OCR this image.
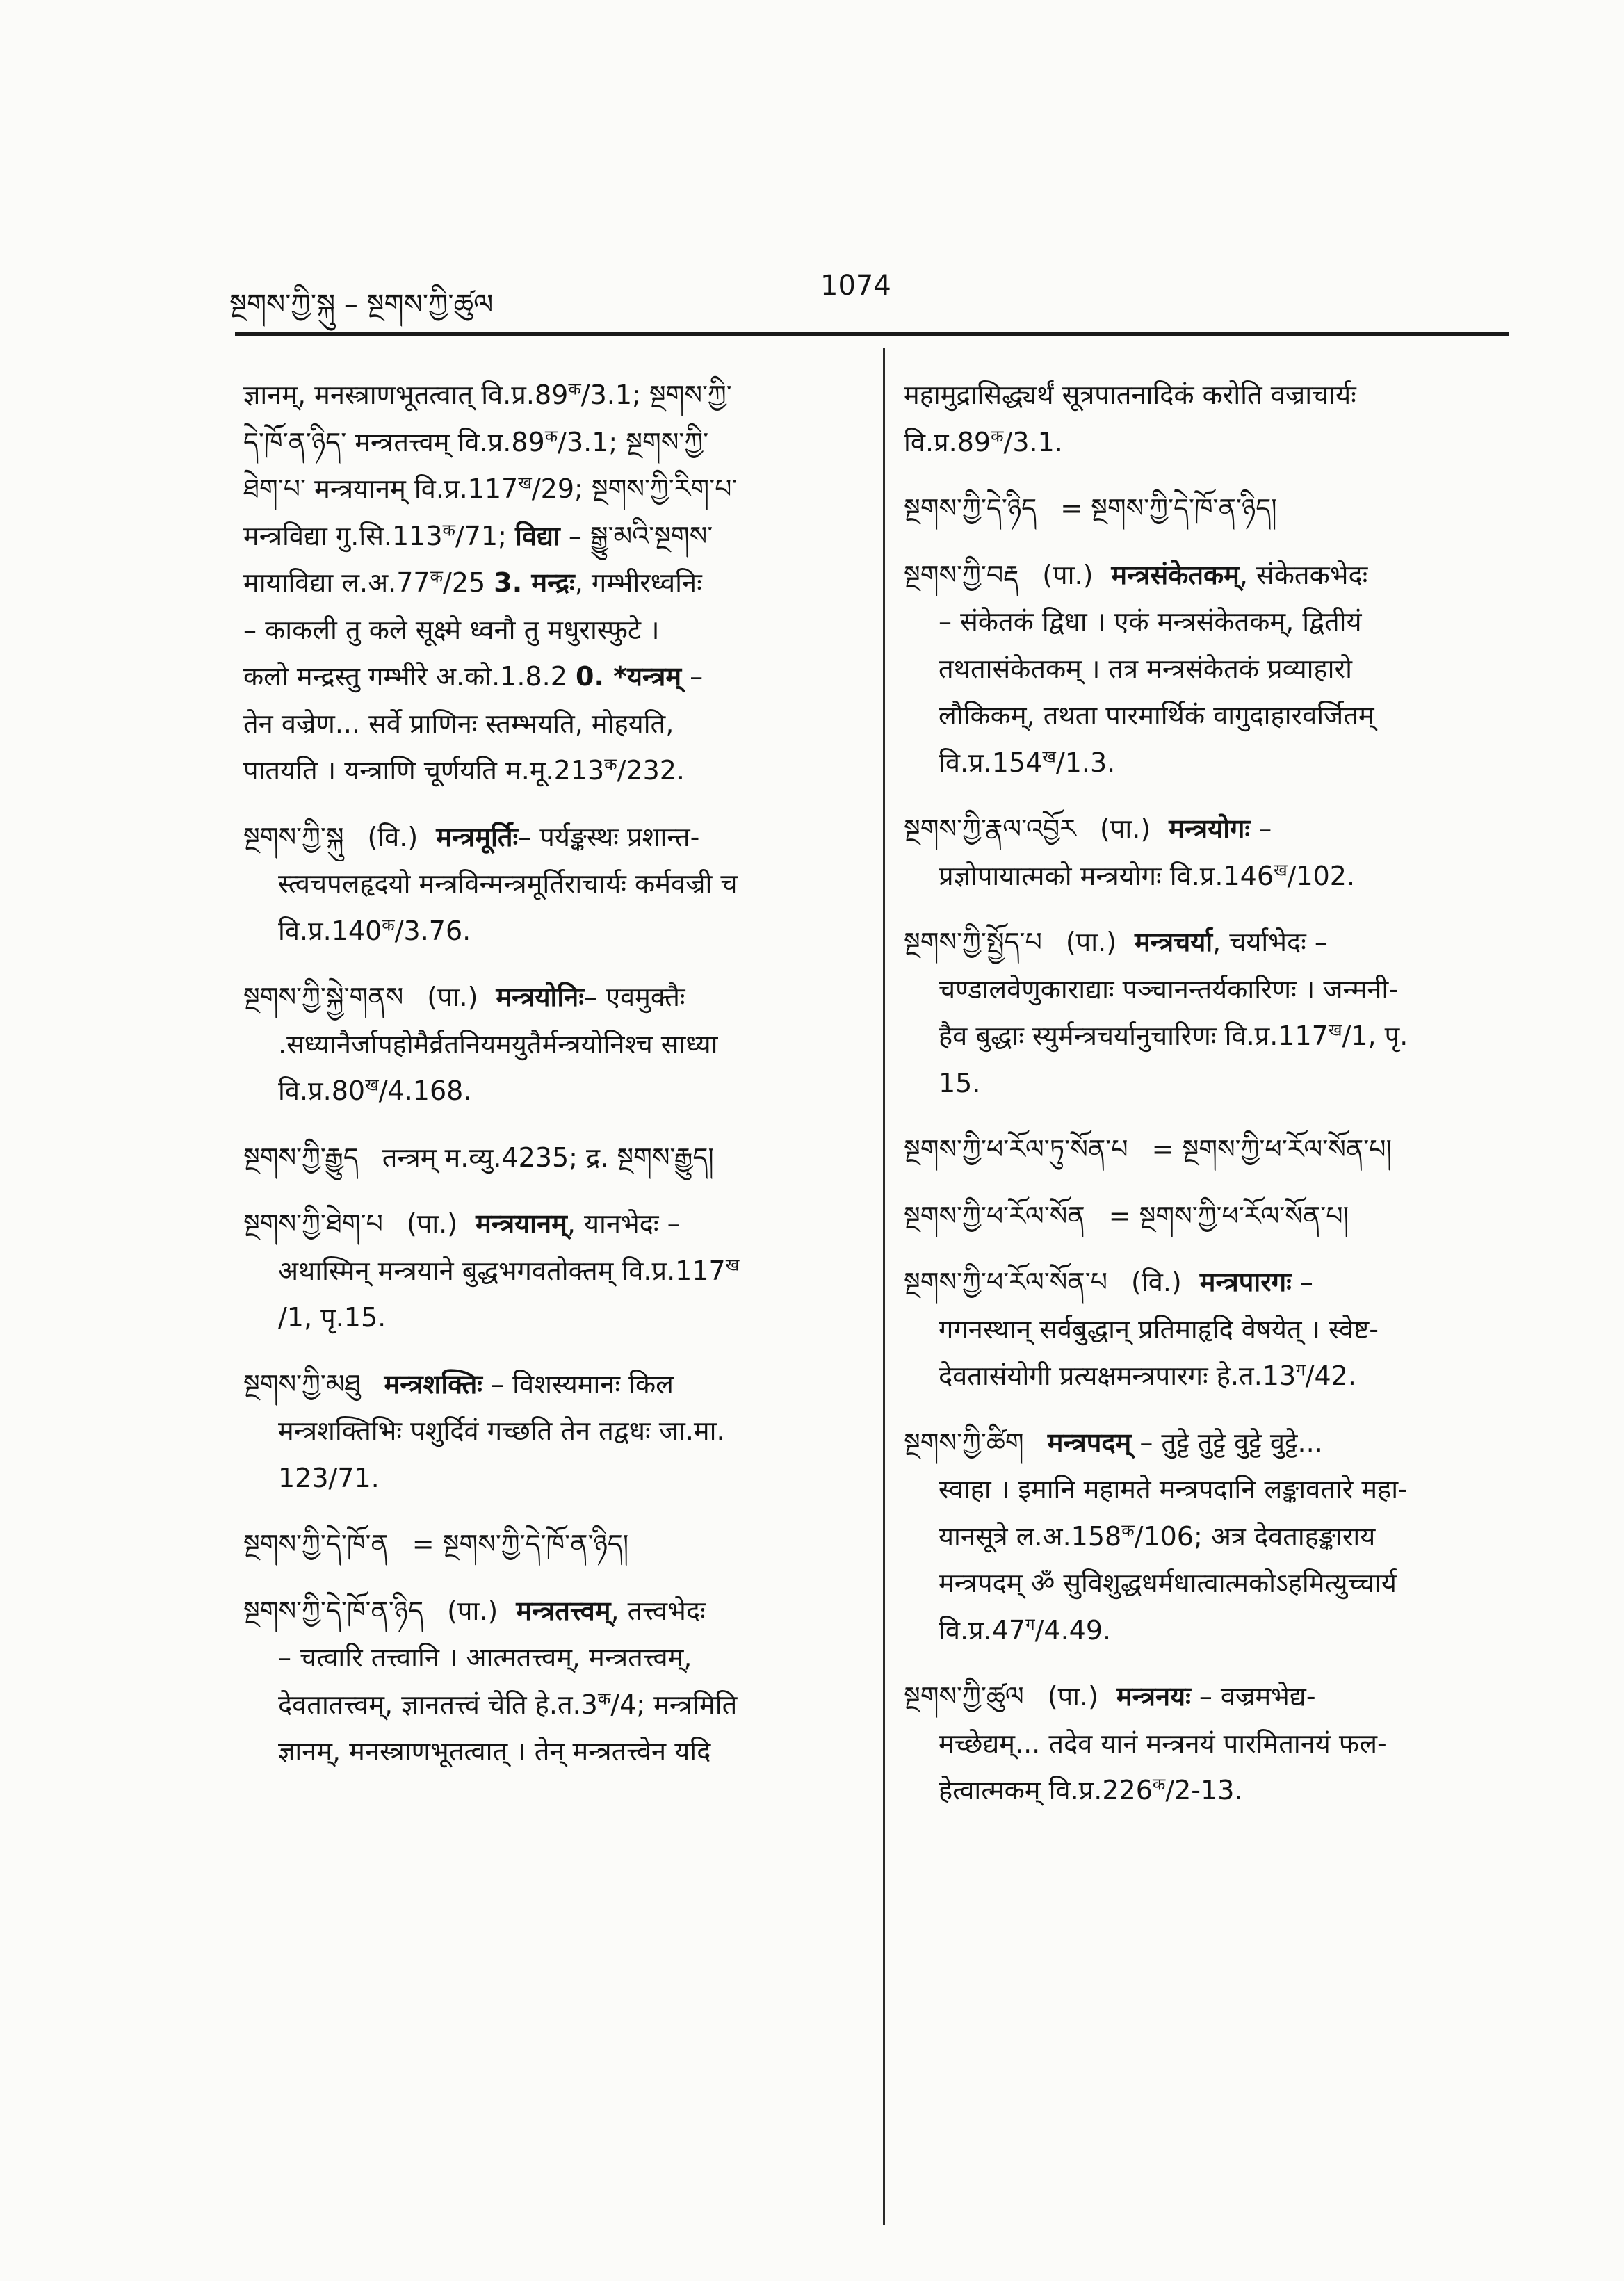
སྔགས་ཀྱི་སྐུ – སྔགས་ཀྱི་ཚུལ
1074
ज्ञानम्, मनस्त्राणभूतत्वात् $वि.प्र.89^क/3.1$; སྔགས་ཀྱི་
དེ་ཁོ་ན་ཉིད་ मन्त्रतत्त्वम् $वि.प्र.89^क/3.1$; སྔགས་ཀྱི་
ཐེག་པ་ मन्त्रयानम् $वि.प्र.117^ख/29$; སྔགས་ཀྱི་རིག་པ་
मन्त्रविद्या $गु.सि.113^क/71$; विद्या – སྒྱུ་མའི་སྔགས་
मायाविद्या $ल.अ.77^क/25$ 3. मन्द्रः, गम्भीरध्वनिः
– काकली तु कले सूक्ष्मे ध्वनौ तु मधुरास्फुटे ।
कलो मन्द्रस्तु गम्भीरे अ.को.1.8.2 0. *यन्त्रम् –
तेन वज्रेण... सर्वे प्राणिनः स्तम्भयति, मोहयति,
पातयति । यन्त्राणि चूर्णयति $म.मू.213^क/232$.
སྔགས་ཀྱི་སྐུ (वि.) मन्त्रमूर्तिः– पर्यङ्कस्थः प्रशान्त-
स्त्वचपलहृदयो मन्त्रविन्मन्त्रमूर्तिराचार्यः कर्मवज्री च
$वि.प्र.140^क/3.76$.
སྔགས་ཀྱི་སྐྱེ་གནས (पा.) मन्त्रयोनिः– एवमुक्तैः
.सध्यानैर्जापहोमैर्व्रतनियमयुतैर्मन्त्रयोनिश्च साध्या
$वि.प्र.80^ख/4.168$.
སྔགས་ཀྱི་རྒྱུད तन्त्रम् म.व्यु.4235; द्र. སྔགས་རྒྱུད།
སྔགས་ཀྱི་ཐེག་པ (पा.) मन्त्रयानम्, यानभेदः –
अथास्मिन् मन्त्रयाने बुद्धभगवतोक्तम् $वि.प्र.117^ख$
/1, पृ.15.
སྔགས་ཀྱི་མཐུ मन्त्रशक्तिः – विशस्यमानः किल
मन्त्रशक्तिभिः पशुर्दिवं गच्छति तेन तद्वधः जा.मा.
123/71.
སྔགས་ཀྱི་དེ་ཁོ་ན = སྔགས་ཀྱི་དེ་ཁོ་ན་ཉིད།
སྔགས་ཀྱི་དེ་ཁོ་ན་ཉིད (पा.) मन्त्रतत्त्वम्, तत्त्वभेदः
– चत्वारि तत्त्वानि । आत्मतत्त्वम्, मन्त्रतत्त्वम्,
देवतातत्त्वम्, ज्ञानतत्त्वं चेति $हे.त.3^क/4$; मन्त्रमिति
ज्ञानम्, मनस्त्राणभूतत्वात् । तेन् मन्त्रतत्त्वेन यदि
महामुद्रासिद्ध्यर्थं सूत्रपातनादिकं करोति वज्राचार्यः
$वि.प्र.89^क/3.1$.
སྔགས་ཀྱི་དེ་ཉིད = སྔགས་ཀྱི་དེ་ཁོ་ན་ཉིད།
སྔགས་ཀྱི་བརྡ (पा.) मन्त्रसंकेतकम्, संकेतकभेदः
– संकेतकं द्विधा । एकं मन्त्रसंकेतकम्, द्वितीयं
तथतासंकेतकम् । तत्र मन्त्रसंकेतकं प्रव्याहारो
लौकिकम्, तथता पारमार्थिकं वागुदाहारवर्जितम्
$वि.प्र.154^ख/1.3$.
སྔགས་ཀྱི་རྣལ་འབྱོར (पा.) मन्त्रयोगः –
प्रज्ञोपायात्मको मन्त्रयोगः $वि.प्र.146^ख/102$.
སྔགས་ཀྱི་སྤྱོད་པ (पा.) मन्त्रचर्या, चर्याभेदः –
चण्डालवेणुकाराद्याः पञ्चानन्तर्यकारिणः । जन्मनी-
हैव बुद्धाः स्युर्मन्त्रचर्यानुचारिणः $वि.प्र.117^ख/1$, पृ.
15.
སྔགས་ཀྱི་ཕ་རོལ་ཏུ་སོན་པ = སྔགས་ཀྱི་ཕ་རོལ་སོན་པ།
སྔགས་ཀྱི་ཕ་རོལ་སོན = སྔགས་ཀྱི་ཕ་རོལ་སོན་པ།
སྔགས་ཀྱི་ཕ་རོལ་སོན་པ (वि.) मन्त्रपारगः –
गगनस्थान् सर्वबुद्धान् प्रतिमाहृदि वेषयेत् । स्वेष्ट-
देवतासंयोगी प्रत्यक्षमन्त्रपारगः $हे.त.13^ग/42$.
སྔགས་ཀྱི་ཚིག मन्त्रपदम् – तुट्टे तुट्टे वुट्टे वुट्टे...
स्वाहा । इमानि महामते मन्त्रपदानि लङ्कावतारे महा-
यानसूत्रे $ल.अ.158^क/106$; अत्र देवताहङ्काराय
मन्त्रपदम् ॐ सुविशुद्धधर्मधात्वात्मकोऽहमित्युच्चार्य
$वि.प्र.47^ग/4.49$.
སྔགས་ཀྱི་ཚུལ (पा.) मन्त्रनयः – वज्रमभेद्य-
मच्छेद्यम्... तदेव यानं मन्त्रनयं पारमितानयं फल-
हेत्वात्मकम् $वि.प्र.226^क/2-13$.
